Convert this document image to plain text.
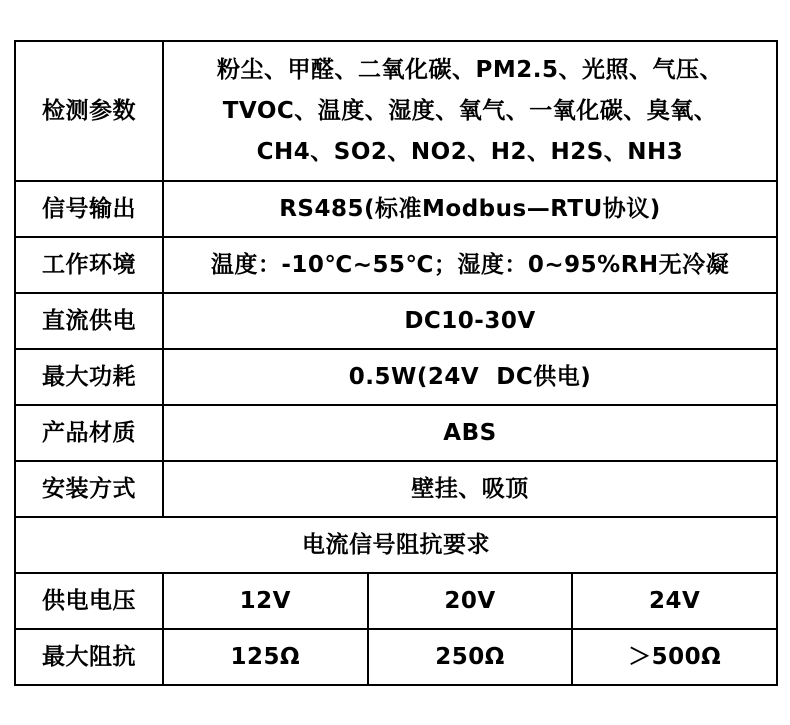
检测参数	粉尘、甲醛、二氧化碳、PM2.5、光照、气压、
TVOC、温度、湿度、氧气、一氧化碳、臭氧、
CH4、SO2、NO2、H2、H2S、NH3		
信号输出	RS485(标准Modbus—RTU协议)		
工作环境	温度：-10℃~55℃；湿度：0~95%RH无冷凝		
直流供电	DC10-30V		
最大功耗	0.5W(24V  DC供电)		
产品材质	ABS		
安装方式	壁挂、吸顶		
电流信号阻抗要求			
供电电压	12V	20V	24V
最大阻抗	125Ω	250Ω	＞500Ω
